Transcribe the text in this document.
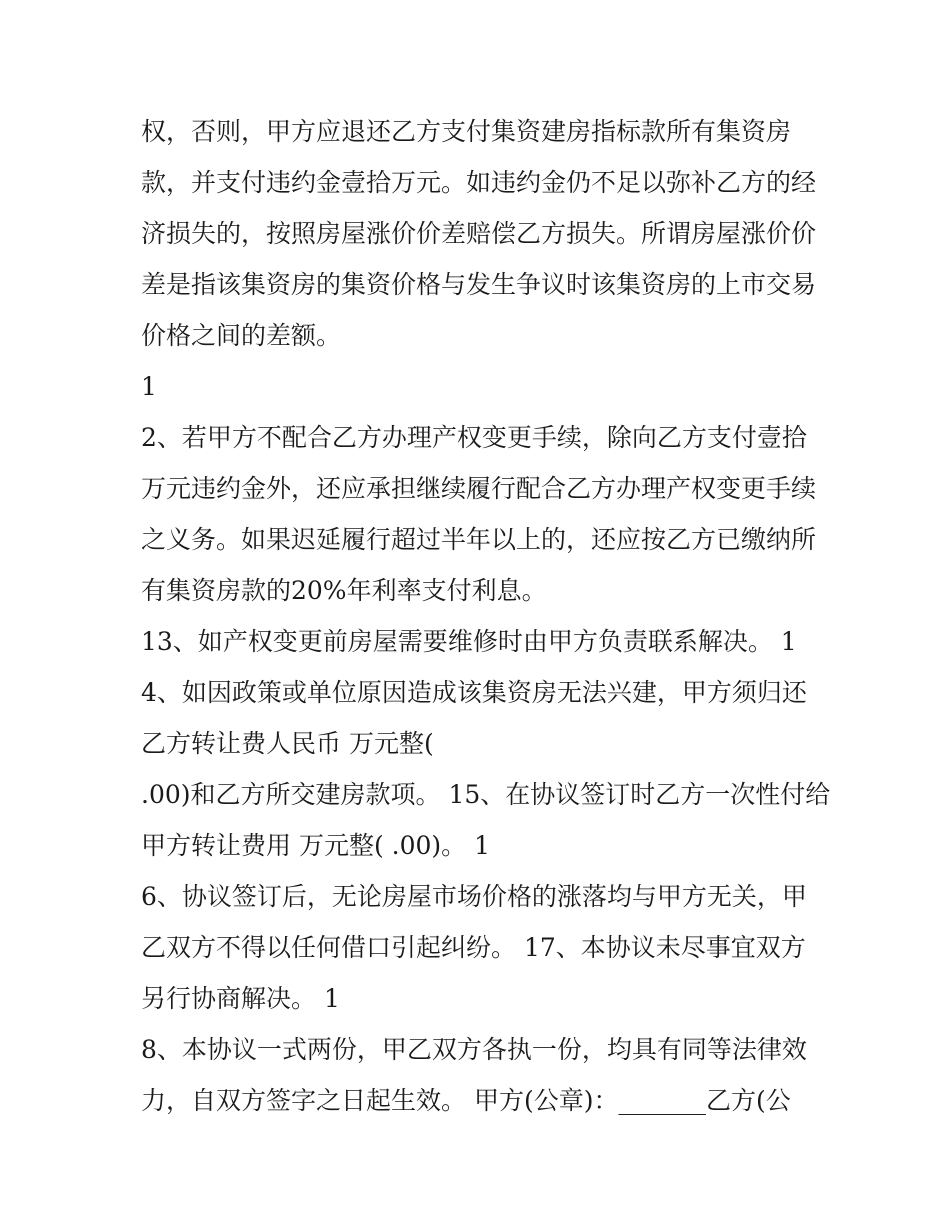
权，否则，甲方应退还乙方支付集资建房指标款所有集资房

款，并支付违约金壹拾万元。如违约金仍不足以弥补乙方的经

济损失的，按照房屋涨价价差赔偿乙方损失。所谓房屋涨价价

差是指该集资房的集资价格与发生争议时该集资房的上市交易

价格之间的差额。

1

2、若甲方不配合乙方办理产权变更手续，除向乙方支付壹拾

万元违约金外，还应承担继续履行配合乙方办理产权变更手续

之义务。如果迟延履行超过半年以上的，还应按乙方已缴纳所

有集资房款的20%年利率支付利息。

13、如产权变更前房屋需要维修时由甲方负责联系解决。 1

4、如因政策或单位原因造成该集资房无法兴建，甲方须归还

乙方转让费人民币 万元整(

.00)和乙方所交建房款项。 15、在协议签订时乙方一次性付给

甲方转让费用 万元整( .00)。 1

6、协议签订后，无论房屋市场价格的涨落均与甲方无关，甲

乙双方不得以任何借口引起纠纷。 17、本协议未尽事宜双方

另行协商解决。 1

8、本协议一式两份，甲乙双方各执一份，均具有同等法律效

力，自双方签字之日起生效。 甲方(公章)：_______乙方(公
